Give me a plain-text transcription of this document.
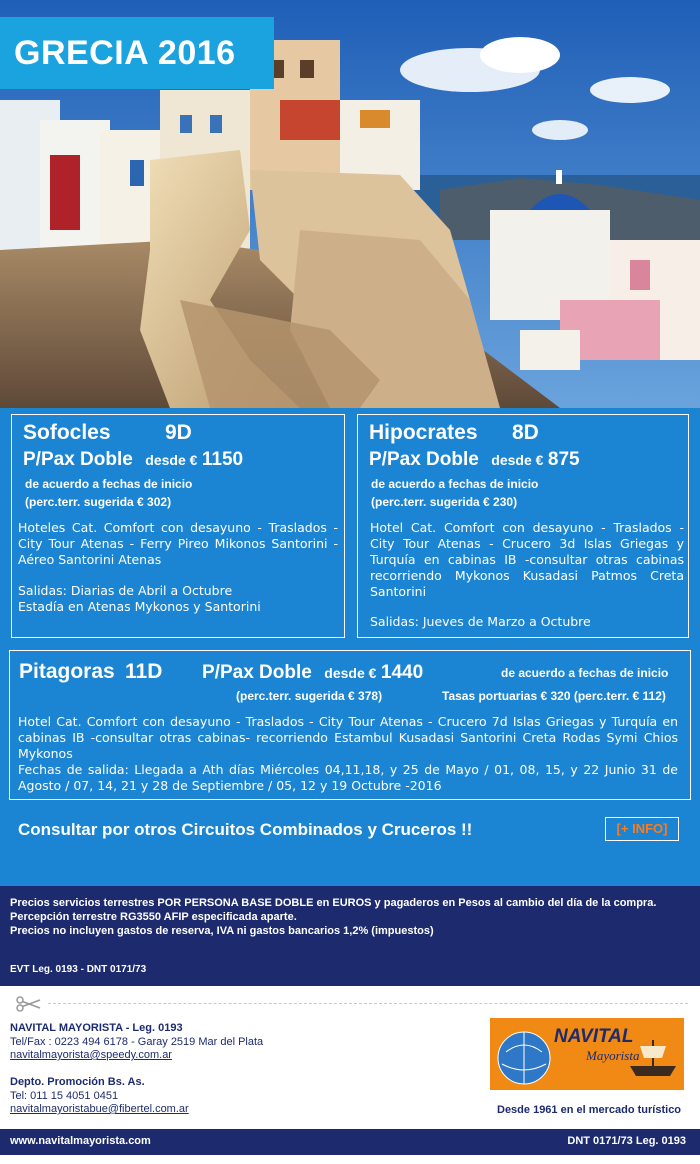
GRECIA 2016
Sofocles	9D
P/Pax Doble desde € 1150
de acuerdo a fechas de inicio
(perc.terr. sugerida € 302)
Hoteles Cat. Comfort con desayuno - Traslados - City Tour Atenas - Ferry Pireo Mikonos Santorini - Aéreo Santorini Atenas
Salidas: Diarias de Abril a Octubre
Estadía en Atenas Mykonos y Santorini
Hipocrates 8D
P/Pax Doble desde € 875
de acuerdo a fechas de inicio
(perc.terr. sugerida € 230)
Hotel Cat. Comfort con desayuno - Traslados - City Tour Atenas - Crucero 3d Islas Griegas y Turquía en cabinas IB -consultar otras cabinas recorriendo Mykonos Kusadasi Patmos Creta Santorini
Salidas: Jueves de Marzo a Octubre
Pitagoras 11D P/Pax Doble desde € 1440	de acuerdo a fechas de inicio
(perc.terr. sugerida € 378)	Tasas portuarias € 320 (perc.terr. € 112)
Hotel Cat. Comfort con desayuno - Traslados - City Tour Atenas - Crucero 7d Islas Griegas y Turquía en cabinas IB -consultar otras cabinas- recorriendo Estambul Kusadasi Santorini Creta Rodas Symi Chios Mykonos
Fechas de salida: Llegada a Ath días Miércoles 04,11,18, y 25 de Mayo / 01, 08, 15, y 22 Junio 31 de Agosto / 07, 14, 21 y 28 de Septiembre / 05, 12 y 19 Octubre -2016
Consultar por otros Circuitos Combinados y Cruceros !!	[+ INFO]
Precios servicios terrestres POR PERSONA BASE DOBLE en EUROS y pagaderos en Pesos al cambio del día de la compra. Percepción terrestre RG3550 AFIP especificada aparte.
Precios no incluyen gastos de reserva, IVA ni gastos bancarios 1,2% (impuestos)
EVT Leg. 0193 - DNT 0171/73
NAVITAL MAYORISTA - Leg. 0193
Tel/Fax : 0223 494 6178 - Garay 2519 Mar del Plata
navitalmayorista@speedy.com.ar
Depto. Promoción Bs. As.
Tel: 011 15 4051 0451
navitalmayoristabue@fibertel.com.ar
NAVITAL
Mayorista
Desde 1961 en el mercado turístico
www.navitalmayorista.com	DNT 0171/73 Leg. 0193
